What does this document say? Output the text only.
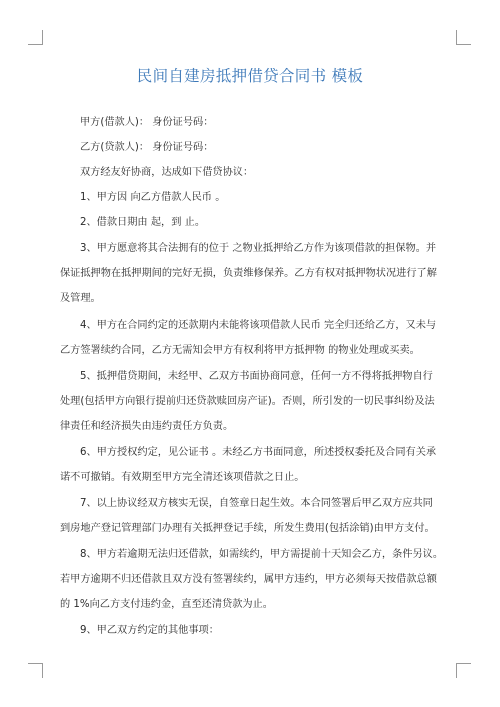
民间自建房抵押借贷合同书 模板
甲方(借款人)： 身份证号码：
乙方(贷款人)： 身份证号码：
双方经友好协商，达成如下借贷协议：
1、甲方因 向乙方借款人民币 。
2、借款日期由 起，到 止。
3、甲方愿意将其合法拥有的位于 之物业抵押给乙方作为该项借款的担保物。并
保证抵押物在抵押期间的完好无损，负责维修保养。乙方有权对抵押物状况进行了解
及管理。
4、甲方在合同约定的还款期内未能将该项借款人民币 完全归还给乙方，又未与
乙方签署续约合同，乙方无需知会甲方有权利将甲方抵押物 的物业处理或买卖。
5、抵押借贷期间，未经甲、乙双方书面协商同意，任何一方不得将抵押物自行
处理(包括甲方向银行提前归还贷款赎回房产证)。否则，所引发的一切民事纠纷及法
律责任和经济损失由违约责任方负责。
6、甲方授权约定，见公证书 。未经乙方书面同意，所述授权委托及合同有关承
诺不可撤销。有效期至甲方完全清还该项借款之日止。
7、以上协议经双方核实无误，自签章日起生效。本合同签署后甲乙双方应共同
到房地产登记管理部门办理有关抵押登记手续，所发生费用(包括涂销)由甲方支付。
8、甲方若逾期无法归还借款，如需续约，甲方需提前十天知会乙方，条件另议。
若甲方逾期不归还借款且双方没有签署续约，属甲方违约，甲方必须每天按借款总额
的 1%向乙方支付违约金，直至还清贷款为止。
9、甲乙双方约定的其他事项：
